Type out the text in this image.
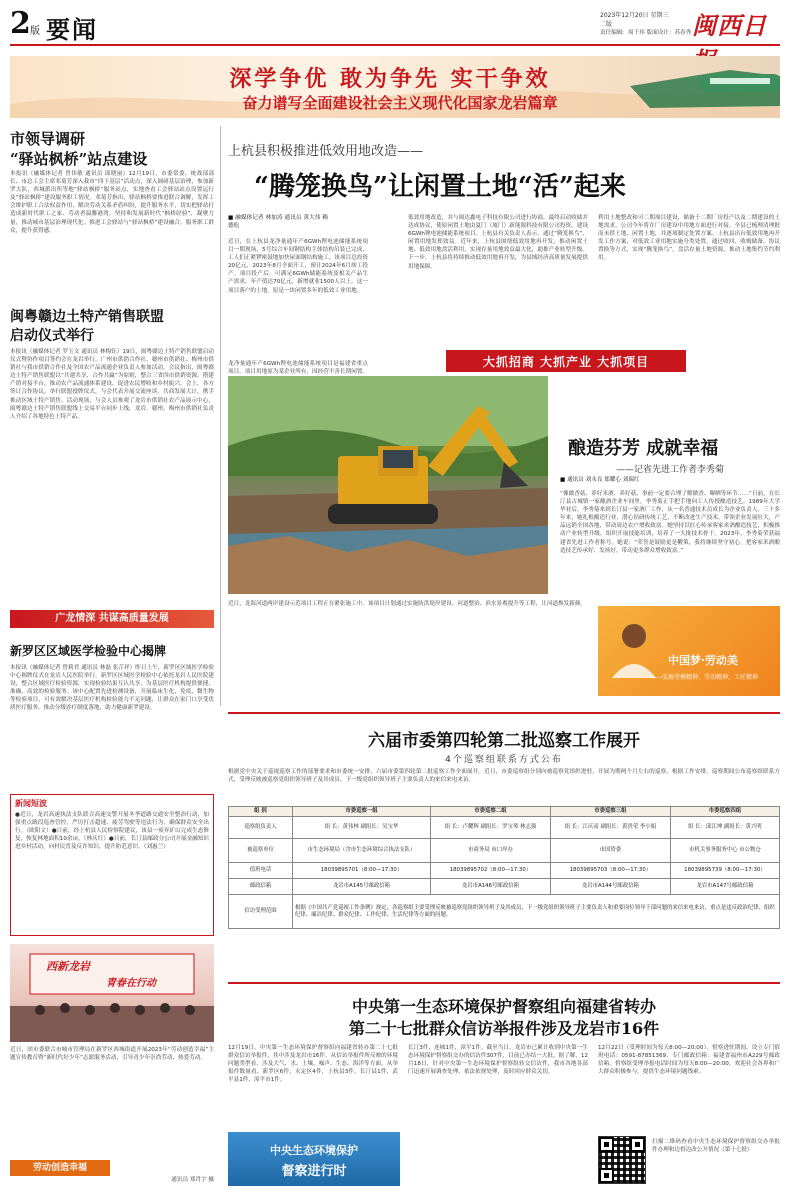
2 版 要闻	2023年12月20日 星期三
二版
责任编辑：周千玮 版面设计：苏春秀 闽西日
深学争优 敢为争先 实干争效
奋力谱写全面建设社会主义现代化国家龙岩篇章
市领导调研
“驿站枫桥”站点建设
本报讯（融媒体记者 曾伟敏 通讯员 邱晓丽）12月19日，市委常委、统战部部长、市总工会主席邓菊芳深入我市“四下基层”活动点，深入调研基层治理，参加新罗大队、西城派出所等地“驿站枫桥”服务站点，实地查看工会驿站站点设置运行及“驿站枫桥”建设服务职工情况。邓菊芳指出，驿站枫桥要推进联合调解，发挥工会维护职工合法权益作用，解决劳动关系矛盾纠纷，提升服务水平，切实把驿站打造成新时代职工之家、劳动者温馨港湾，坚持和发展新时代“枫桥经验”，凝聚力量，推动城市基层治理现代化。推进工会驿站与“驿站枫桥”建设融合，服务职工群众，提升获得感。
闽粤赣边土特产销售联盟
启动仪式举行
本报讯（融媒体记者 罗玉文 通讯员 林梅钰）19日，闽粤赣边土特产销售联盟启动仪式暨协作项目签约会在龙岩举行。广州市供销合作社、赣州市供销社、梅州市供销社与我市供销合作社及全国农产品流通企业负责人参加活动。会议指出，闽粤赣边土特产销售联盟以“共建共享、合作共赢”为原则，整合三省四市供销资源，搭建产销对接平台，推动农产品流通体系建设，促进农民增收和乡村振兴。会上，各方签订合作协议，举行联盟授牌仪式，与会代表开展交流座谈，共商发展大计，携手推动区域土特产销售。活动现场，与会人员参观了龙岩市供销社农产品展示中心，闽粤赣边土特产销售联盟线上交易平台同步上线，龙岩、赣州、梅州市供销社负责人介绍了各地特色土特产品。
广龙情深 共谋高质量发展
新罗区区域医学检验中心揭牌
本报讯（融媒体记者 曾莉君 通讯员 林磊 张芷祥）昨日上午，新罗区区域医学检验中心揭牌仪式在龙岩人民医院举行。新罗区区域医学检验中心依托龙岩人民医院建设，整合区域医疗检验资源，实现检验结果互认共享，为基层医疗机构提供便捷、准确、高效的检验服务。该中心配置先进检测设备，开展临床生化、免疫、微生物等检验项目，可有效解决基层医疗机构检验能力不足问题，让群众在家门口享受优质医疗服务，推动分级诊疗制度落地，助力健康新罗建设。
新闻短波
●近日，龙岩高速执法支队联合高速交警开展冬季道路交通安全整治行动，加强重点路段巡查管控，严厉打击超速、疲劳驾驶等违法行为，确保群众安全出行。（欧阳文）●日前，经上杭县人民检察院建议，该县一废弃矿山完成生态修复，恢复林地面积10余亩。（林庆红）●日前，长汀县邮政分公司开展金融知识进乡村活动，向村民普及反诈知识，提升防范意识。（刘惠兰）
西新龙岩
青春在行动
近日，团市委联合市城市管理局在新罗区西城街道开展2023年“劳动创造幸福”主题宣传教育暨“新时代好少年”志愿服务活动，引导青少年崇尚劳动、热爱劳动。
通讯员 郑肖宇 摄
劳动创造幸福
上杭县积极推进低效用地改造——
“腾笼换鸟”让闲置土地“活”起来
■ 融媒体记者 林加涛 通讯员 黄大伟 赖德松
近日，在上杭县龙净量通年产6GWh锂电池储能系统项目一期现场，5号综合车间钢结构主体结构吊装已完成，工人们正紧锣密鼓地加快屋面钢结构施工。该项目总投资20亿元，2023年8月全面开工，预计2024年6月竣工投产。项目投产后，可满足6GWh储能系统及相关产品生产需求，年产值达70亿元，新增就业1500人以上。这一项目落户的土地，原是一块闲置多年的低效工业用地。
龙净量通年产6GWh锂电池储能系统项目是福建省重点项目。项目用地原为某企业所有，因经营不善长期闲置。
低效用地改造，并与闽达鑫电子科技有限公司进行协商，最终启动收储并达成协议，使原闲置土地由夏门（厦门）新能源科技有限公司投资，建设6GWh锂电池储能系统项目。上杭县有关负责人表示，通过“腾笼换鸟”，闲置用地发挥效益。近年来，上杭县围绕低效用地再开发，推动闲置土地、低效用地盘活利用，实现存量用地效益最大化，助推产业转型升级。下一步，上杭县将持续推动低效用地再开发，为县域经济高质量发展提供用地保障。
利用土地整改和可二期项目建设，储备于二期厂房投产以及二期建设的土地需求，公司今年将在厂房建设中用地方面进行对接。全县已梳理清理批而未供土地、闲置土地，并逐项制定处置方案。上杭县出台低效用地再开发工作方案，对低效工业用地实施分类处置，通过收回、收购储备、协议置换等方式，实现“腾笼换鸟”，盘活存量土地资源，推动土地集约节约利用。
大抓招商 大抓产业 大抓项目
近日，龙海河道两岸建设示范项目工程正在紧张施工中。该项目计划通过实施防洪堤岸建设、河道整治、滨水景观提升等工程，让河道焕发新颜。
酿造芬芳 成就幸福
——记省先进工作者李秀菊
■ 通讯员 刘永良 郑耀心 刘瑞红
“像做香菇、养好米酒、养好菇，事前一定要合理了解做香、曝晒等环节……”日前，在长汀县古城镇一家酿酒企业车间里，李秀菊正手把手地向工人传授酿造技艺。1989年大学毕业后，李秀菊来到长汀县一家酒厂工作，从一名普通技术员成长为企业负责人。三十多年来，她扎根酿造行业，潜心钻研传统工艺，不断改进生产技术，带领企业发展壮大，产品远销全国各地，带动周边农户增收致富。她坚持以匠心传承客家米酒酿造技艺，积极推动产业转型升级，组织开展技能培训，培养了一大批技术骨干。2023年，李秀菊荣获福建省先进工作者称号。她说：“荣誉是鼓励更是鞭策，我将继续坚守初心，把客家米酒酿造技艺传承好、发扬好，带动更多群众增收致富。”
中国梦·劳动美
——弘扬劳模精神、劳动精神、工匠精神
六届市委第四轮第二批巡察工作展开
4个巡察组联系方式公布
根据党中央关于巡视巡察工作的部署要求和市委统一安排，六届市委第四轮第二批巡察工作全面展开。近日，市委巡察组分别向被巡察党组织进驻，开展为期两个月左右的巡察。根据工作安排，巡察期间公布巡察组联系方式，受理反映被巡察党组织领导班子及其成员、下一级党组织领导班子主要负责人的来信来电来访。
组 别	市委巡察一组	市委巡察二组	市委巡察三组	市委巡察四组
巡察组负责人	组 长：黄伟林 副组长：吴宝华	组 长：卢耀辉 副组长：罗宝琴 林志强	组 长：江庆南 副组长：黄贵荣 李小娟	组 长：邱江坤 副组长：黄兴明
被巡察单位	市生态环境局（含市生态环境综合执法支队）	市商务局 市口岸办	市国资委	市机关事务服务中心 市公物仓
值班电话	18039895701（8:00—17:30）	18039895702（8:00—17:30）	18039895703（8:00—17:30）	18039895739（8:00—17:30）
邮政信箱	龙岩市A145号邮政信箱	龙岩市A146号邮政信箱	龙岩市A144号邮政信箱	龙岩市A147号邮政信箱
信访受理范围	根据《中国共产党巡视工作条例》规定，各巡察组主要受理反映被巡察党组织领导班子及其成员、下一级党组织领导班子主要负责人和重要岗位领导干部问题的来信来电来访，重点是违反政治纪律、组织纪律、廉洁纪律、群众纪律、工作纪律、生活纪律等方面的问题。			
中央第一生态环境保护督察组向福建省转办
第二十七批群众信访举报件涉及龙岩市16件
12月19日，中央第一生态环境保护督察组向福建省转办第二十七批群众信访举报件，其中涉及龙岩市16件。从信访举报件所反映的环境问题类型看，涉及大气、水、土壤、噪声、生态、海洋等方面。从举报件数量看，新罗区6件，永定区4件，上杭县3件，长汀县1件，武平县1件，漳平市1件。
长汀3件，连城1件，漳平1件。截至当日，龙岩市已累计收到中央第一生态环境保护督察组交办的信访件307件，目前已办结一大批。据了解，12月18日，针对中央第一生态环境保护督察组转交信访件，我市各地各部门迅速开展调查处理，依法依规处理，及时回应群众关切。
12月22日（受理时间为每天8:00—20:00）。督察进驻期间，设立专门值班电话：0591-87851369，专门邮政信箱：福建省福州市A229号邮政信箱。督察组受理举报电话时间为每天8:00—20:00。欢迎社会各界和广大群众积极参与，提供生态环境问题线索。
中央生态环境保护
督察进行时
扫描二维码查看中央生态环境保护督察组交办举报件办理和边督边改公开情况（第十七批）
